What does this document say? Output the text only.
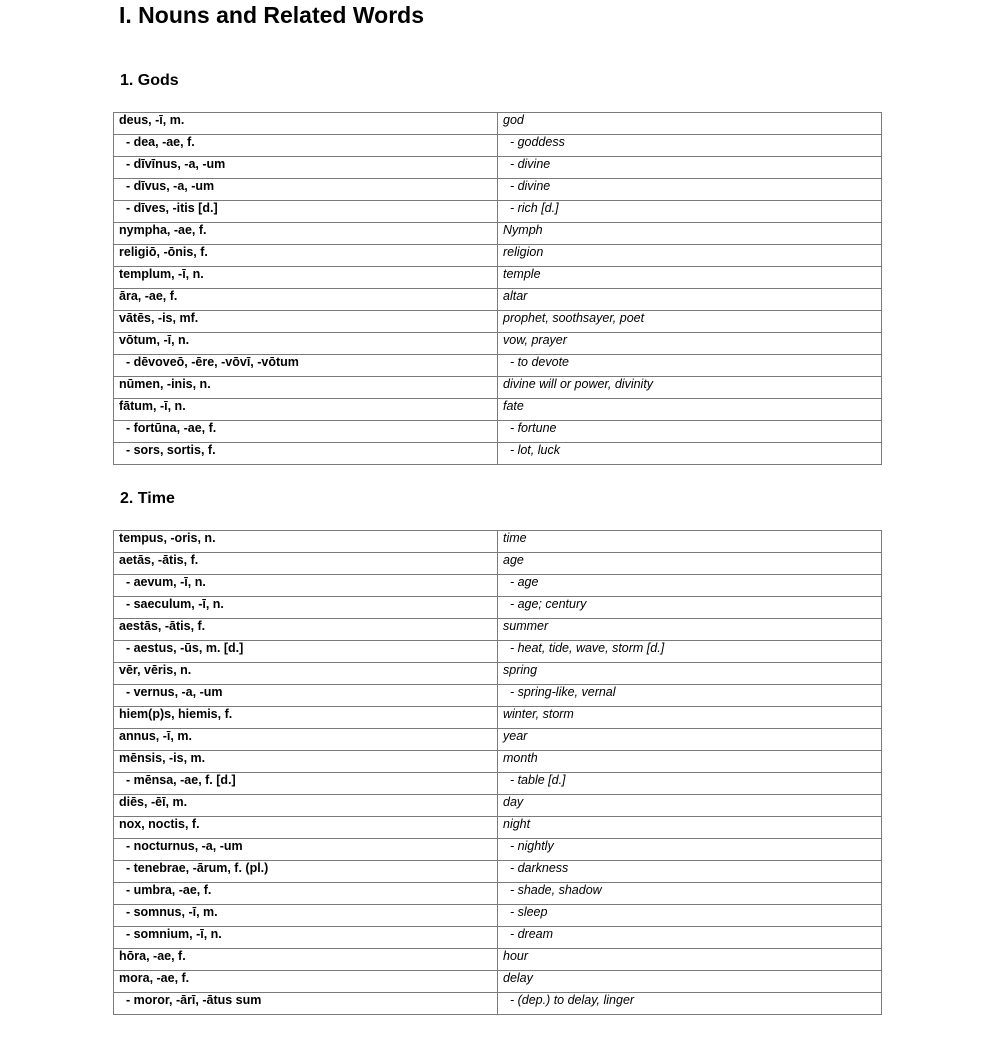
I. Nouns and Related Words
1. Gods
deus, -ī, m.	god
- dea, -ae, f.	- goddess
- dīvīnus, -a, -um	- divine
- dīvus, -a, -um	- divine
- dīves, -itis [d.]	- rich [d.]
nympha, -ae, f.	Nymph
religiō, -ōnis, f.	religion
templum, -ī, n.	temple
āra, -ae, f.	altar
vātēs, -is, mf.	prophet, soothsayer, poet
vōtum, -ī, n.	vow, prayer
- dēvoveō, -ēre, -vōvī, -vōtum	- to devote
nūmen, -inis, n.	divine will or power, divinity
fātum, -ī, n.	fate
- fortūna, -ae, f.	- fortune
- sors, sortis, f.	- lot, luck
2. Time
tempus, -oris, n.	time
aetās, -ātis, f.	age
- aevum, -ī, n.	- age
- saeculum, -ī, n.	- age; century
aestās, -ātis, f.	summer
- aestus, -ūs, m. [d.]	- heat, tide, wave, storm [d.]
vēr, vēris, n.	spring
- vernus, -a, -um	- spring-like, vernal
hiem(p)s, hiemis, f.	winter, storm
annus, -ī, m.	year
mēnsis, -is, m.	month
- mēnsa, -ae, f. [d.]	- table [d.]
diēs, -ēī, m.	day
nox, noctis, f.	night
- nocturnus, -a, -um	- nightly
- tenebrae, -ārum, f. (pl.)	- darkness
- umbra, -ae, f.	- shade, shadow
- somnus, -ī, m.	- sleep
- somnium, -ī, n.	- dream
hōra, -ae, f.	hour
mora, -ae, f.	delay
- moror, -ārī, -ātus sum	- (dep.) to delay, linger
